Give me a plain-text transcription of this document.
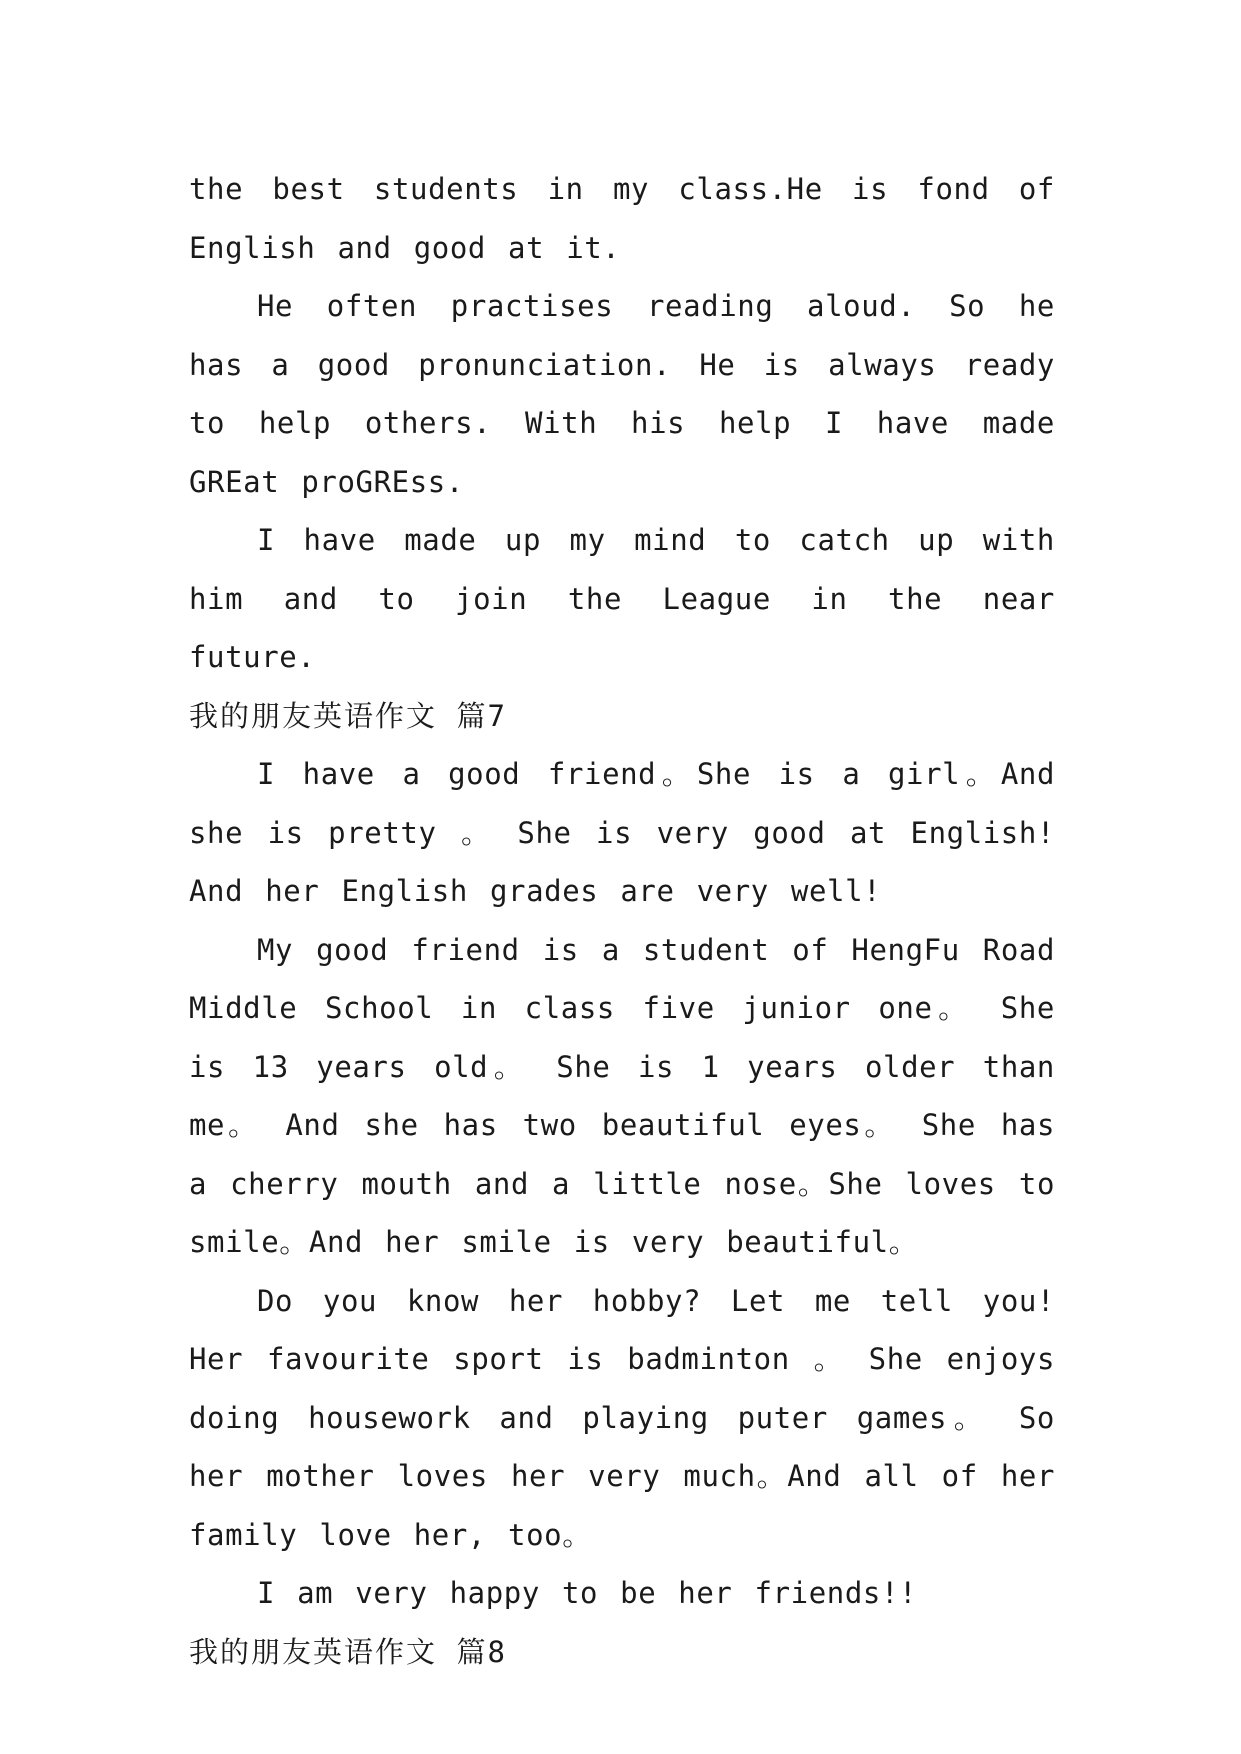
the best students in my class.He is fond of English and good at it.

He often practises reading aloud. So he has a good pronunciation. He is always ready to help others. With his help I have made GREat proGREss.

I have made up my mind to catch up with him and to join the League in the near future.

我的朋友英语作文 篇7

I have a good friend。She is a girl。And she is pretty 。 She is very good at English! And her English grades are very well!

My good friend is a student of HengFu Road Middle School in class five junior one。 She is 13 years old。 She is 1 years older than me。 And she has two beautiful eyes。 She has a cherry mouth and a little nose。She loves to smile。And her smile is very beautiful。

Do you know her hobby? Let me tell you! Her favourite sport is badminton 。 She enjoys doing housework and playing puter games。 So her mother loves her very much。And all of her family love her, too。

I am very happy to be her friends!!

我的朋友英语作文 篇8
